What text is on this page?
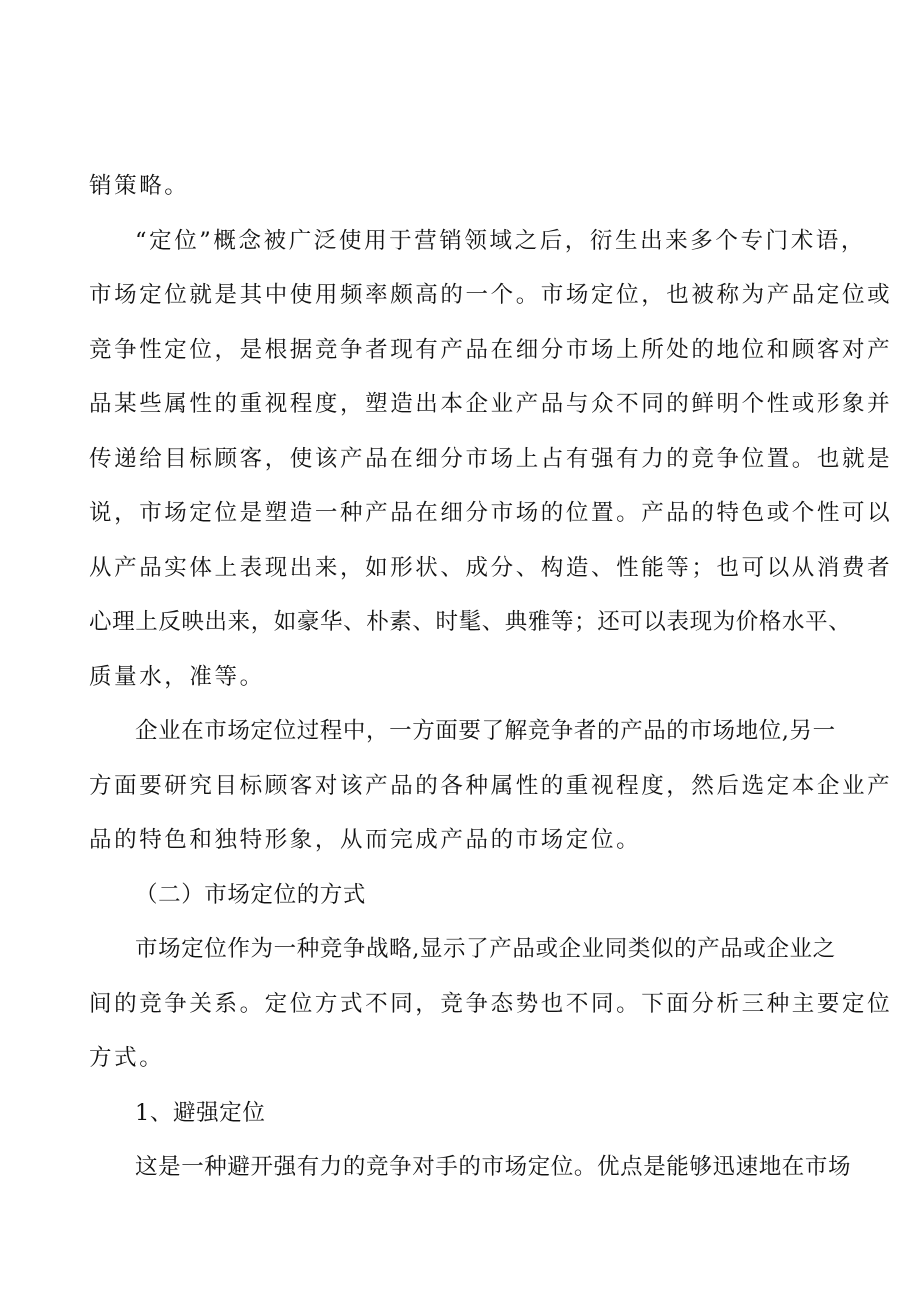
销策略。
“定位”概念被广泛使用于营销领域之后，衍生出来多个专门术语，
市场定位就是其中使用频率颇高的一个。市场定位，也被称为产品定位或
竞争性定位，是根据竞争者现有产品在细分市场上所处的地位和顾客对产
品某些属性的重视程度，塑造出本企业产品与众不同的鲜明个性或形象并
传递给目标顾客，使该产品在细分市场上占有强有力的竞争位置。也就是
说，市场定位是塑造一种产品在细分市场的位置。产品的特色或个性可以
从产品实体上表现出来，如形状、成分、构造、性能等；也可以从消费者
心理上反映出来，如豪华、朴素、时髦、典雅等；还可以表现为价格水平、
质量水，准等。
企业在市场定位过程中，一方面要了解竞争者的产品的市场地位,另一
方面要研究目标顾客对该产品的各种属性的重视程度，然后选定本企业产
品的特色和独特形象，从而完成产品的市场定位。
（二）市场定位的方式
市场定位作为一种竞争战略,显示了产品或企业同类似的产品或企业之
间的竞争关系。定位方式不同，竞争态势也不同。下面分析三种主要定位
方式。
1、避强定位
这是一种避开强有力的竞争对手的市场定位。优点是能够迅速地在市场
